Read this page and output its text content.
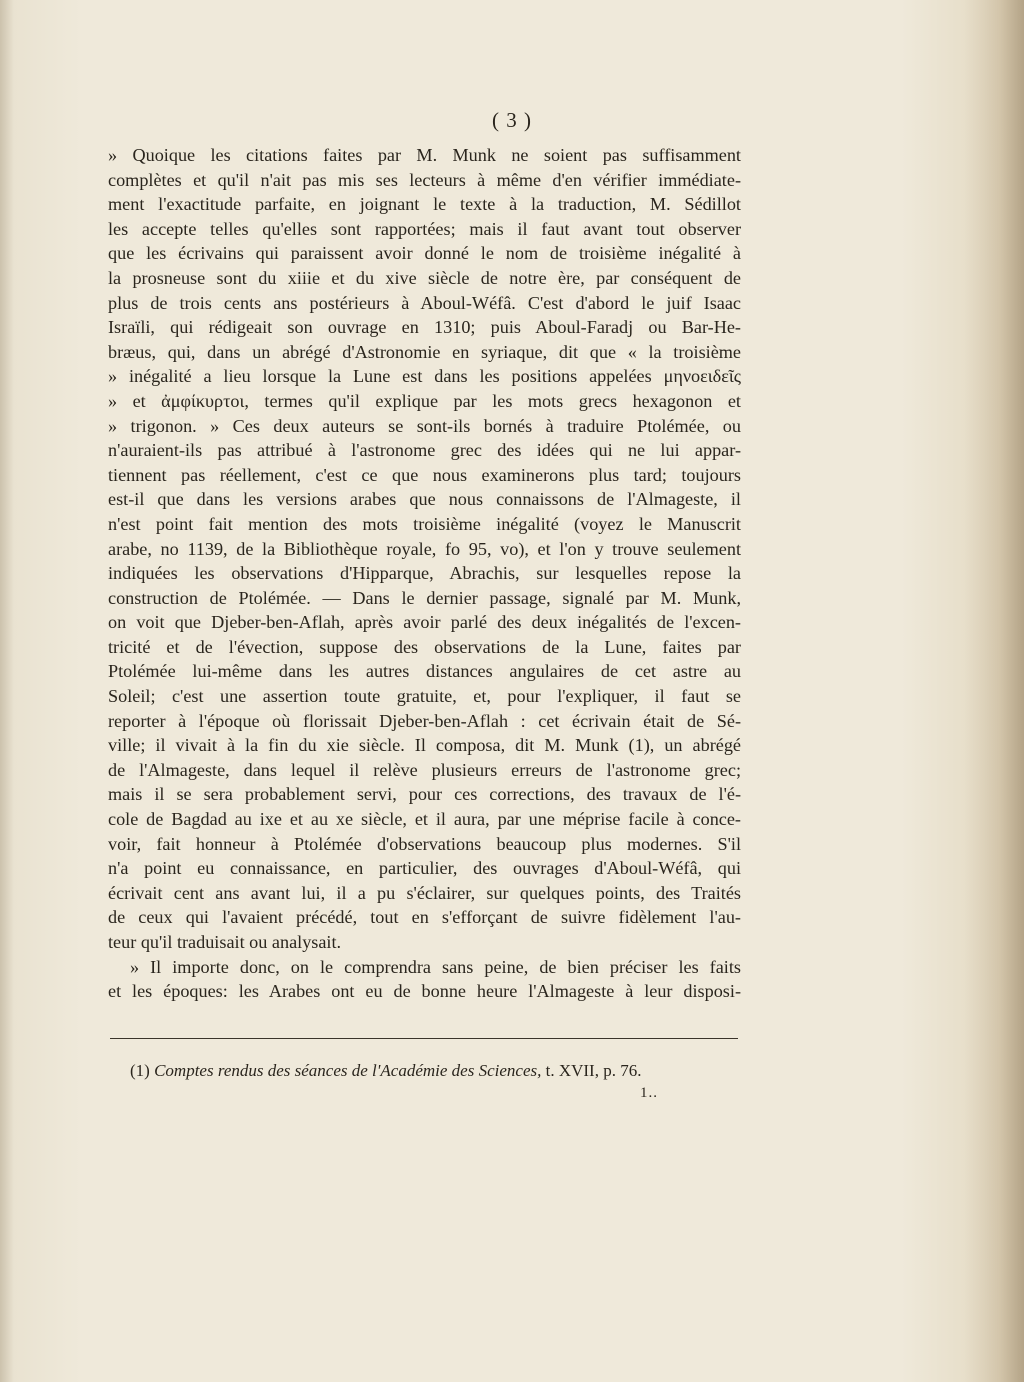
( 3 )
» Quoique les citations faites par M. Munk ne soient pas suffisamment
complètes et qu'il n'ait pas mis ses lecteurs à même d'en vérifier immédiate-
ment l'exactitude parfaite, en joignant le texte à la traduction, M. Sédillot
les accepte telles qu'elles sont rapportées; mais il faut avant tout observer
que les écrivains qui paraissent avoir donné le nom de troisième inégalité à
la prosneuse sont du xiiie et du xive siècle de notre ère, par conséquent de
plus de trois cents ans postérieurs à Aboul-Wéfâ. C'est d'abord le juif Isaac
Israïli, qui rédigeait son ouvrage en 1310; puis Aboul-Faradj ou Bar-He-
bræus, qui, dans un abrégé d'Astronomie en syriaque, dit que « la troisième
» inégalité a lieu lorsque la Lune est dans les positions appelées μηνοειδεῖς
» et ἀμφίκυρτοι, termes qu'il explique par les mots grecs hexagonon et
» trigonon. » Ces deux auteurs se sont-ils bornés à traduire Ptolémée, ou
n'auraient-ils pas attribué à l'astronome grec des idées qui ne lui appar-
tiennent pas réellement, c'est ce que nous examinerons plus tard; toujours
est-il que dans les versions arabes que nous connaissons de l'Almageste, il
n'est point fait mention des mots troisième inégalité (voyez le Manuscrit
arabe, no 1139, de la Bibliothèque royale, fo 95, vo), et l'on y trouve seulement
indiquées les observations d'Hipparque, Abrachis, sur lesquelles repose la
construction de Ptolémée. — Dans le dernier passage, signalé par M. Munk,
on voit que Djeber-ben-Aflah, après avoir parlé des deux inégalités de l'excen-
tricité et de l'évection, suppose des observations de la Lune, faites par
Ptolémée lui-même dans les autres distances angulaires de cet astre au
Soleil; c'est une assertion toute gratuite, et, pour l'expliquer, il faut se
reporter à l'époque où florissait Djeber-ben-Aflah : cet écrivain était de Sé-
ville; il vivait à la fin du xie siècle. Il composa, dit M. Munk (1), un abrégé
de l'Almageste, dans lequel il relève plusieurs erreurs de l'astronome grec;
mais il se sera probablement servi, pour ces corrections, des travaux de l'é-
cole de Bagdad au ixe et au xe siècle, et il aura, par une méprise facile à conce-
voir, fait honneur à Ptolémée d'observations beaucoup plus modernes. S'il
n'a point eu connaissance, en particulier, des ouvrages d'Aboul-Wéfâ, qui
écrivait cent ans avant lui, il a pu s'éclairer, sur quelques points, des Traités
de ceux qui l'avaient précédé, tout en s'efforçant de suivre fidèlement l'au-
teur qu'il traduisait ou analysait.
» Il importe donc, on le comprendra sans peine, de bien préciser les faits
et les époques: les Arabes ont eu de bonne heure l'Almageste à leur disposi-
(1) Comptes rendus des séances de l'Académie des Sciences, t. XVII, p. 76.
1..
